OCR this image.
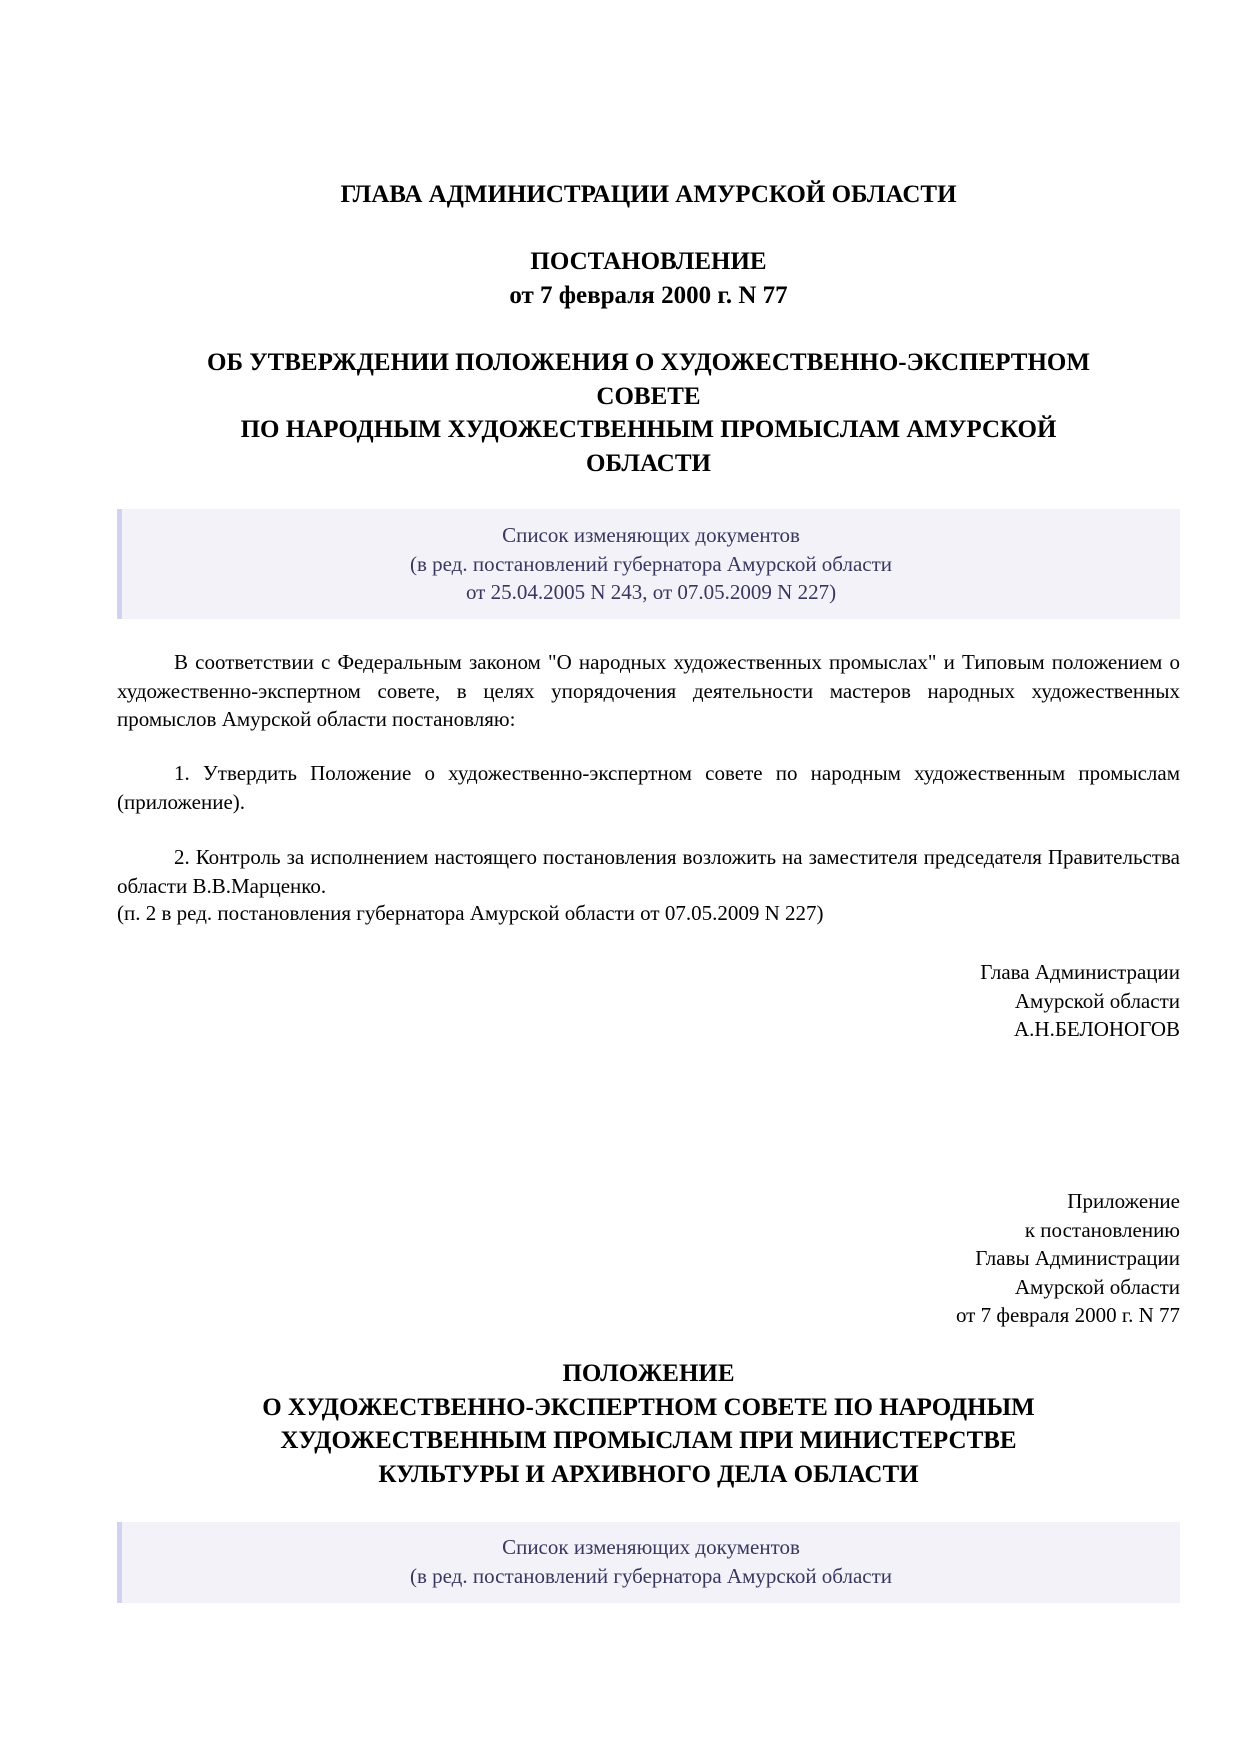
ГЛАВА АДМИНИСТРАЦИИ АМУРСКОЙ ОБЛАСТИ
ПОСТАНОВЛЕНИЕ
от 7 февраля 2000 г. N 77
ОБ УТВЕРЖДЕНИИ ПОЛОЖЕНИЯ О ХУДОЖЕСТВЕННО-ЭКСПЕРТНОМ
СОВЕТЕ
ПО НАРОДНЫМ ХУДОЖЕСТВЕННЫМ ПРОМЫСЛАМ АМУРСКОЙ
ОБЛАСТИ
Список изменяющих документов
(в ред. постановлений губернатора Амурской области
от 25.04.2005 N 243, от 07.05.2009 N 227)
В соответствии с Федеральным законом "О народных художественных промыслах" и Типовым положением о художественно-экспертном совете, в целях упорядочения деятельности мастеров народных художественных промыслов Амурской области постановляю:
1. Утвердить Положение о художественно-экспертном совете по народным художественным промыслам (приложение).
2. Контроль за исполнением настоящего постановления возложить на заместителя председателя Правительства области В.В.Марценко.
(п. 2 в ред. постановления губернатора Амурской области от 07.05.2009 N 227)
Глава Администрации
Амурской области
А.Н.БЕЛОНОГОВ
Приложение
к постановлению
Главы Администрации
Амурской области
от 7 февраля 2000 г. N 77
ПОЛОЖЕНИЕ
О ХУДОЖЕСТВЕННО-ЭКСПЕРТНОМ СОВЕТЕ ПО НАРОДНЫМ
ХУДОЖЕСТВЕННЫМ ПРОМЫСЛАМ ПРИ МИНИСТЕРСТВЕ
КУЛЬТУРЫ И АРХИВНОГО ДЕЛА ОБЛАСТИ
Список изменяющих документов
(в ред. постановлений губернатора Амурской области
